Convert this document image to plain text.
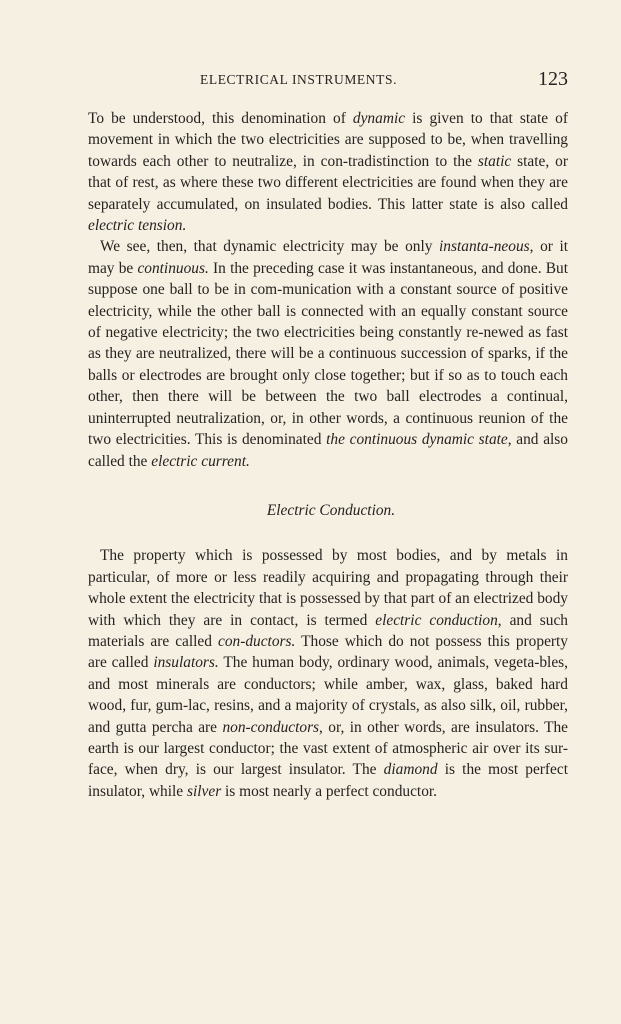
ELECTRICAL INSTRUMENTS.	123

To be understood, this denomination of dynamic is given to that state of movement in which the two electricities are supposed to be, when travelling towards each other to neutralize, in con-tradistinction to the static state, or that of rest, as where these two different electricities are found when they are separately accumulated, on insulated bodies. This latter state is also called electric tension.

We see, then, that dynamic electricity may be only instanta-neous, or it may be continuous. In the preceding case it was instantaneous, and done. But suppose one ball to be in com-munication with a constant source of positive electricity, while the other ball is connected with an equally constant source of negative electricity; the two electricities being constantly re-newed as fast as they are neutralized, there will be a continuous succession of sparks, if the balls or electrodes are brought only close together; but if so as to touch each other, then there will be between the two ball electrodes a continual, uninterrupted neutralization, or, in other words, a continuous reunion of the two electricities. This is denominated the continuous dynamic state, and also called the electric current.

Electric Conduction.

The property which is possessed by most bodies, and by metals in particular, of more or less readily acquiring and propagating through their whole extent the electricity that is possessed by that part of an electrized body with which they are in contact, is termed electric conduction, and such materials are called con-ductors. Those which do not possess this property are called insulators. The human body, ordinary wood, animals, vegeta-bles, and most minerals are conductors; while amber, wax, glass, baked hard wood, fur, gum-lac, resins, and a majority of crystals, as also silk, oil, rubber, and gutta percha are non-conductors, or, in other words, are insulators. The earth is our largest conductor; the vast extent of atmospheric air over its sur-face, when dry, is our largest insulator. The diamond is the most perfect insulator, while silver is most nearly a perfect conductor.
